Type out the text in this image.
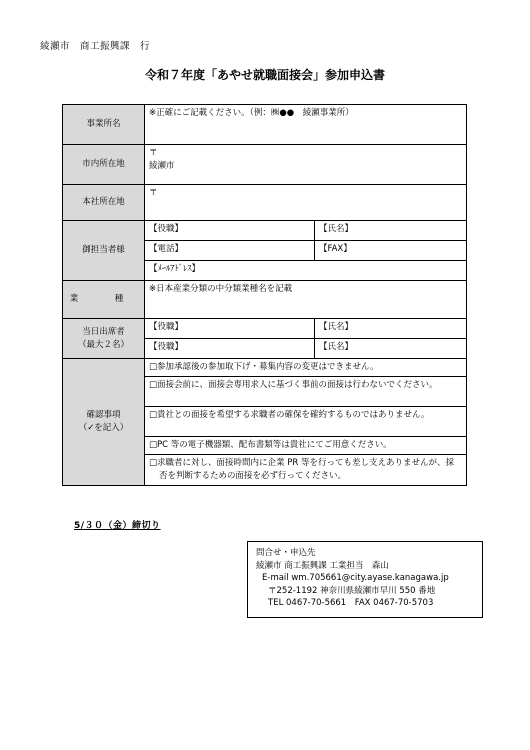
綾瀬市　商工振興課　行
令和７年度「あやせ就職面接会」参加申込書
事業所名	※正確にご記載ください。（例：㈱●●　綾瀬事業所）	
市内所在地	〒
綾瀬市	

本社所在地	〒	
御担当者様	【役職】	【氏名】
	【電話】	【FAX】
	【ﾒｰﾙｱﾄﾞﾚｽ】	
業　種	※日本産業分類の中分類業種名を記載	

当日出席者
（最大２名）	【役職】	【氏名】
	【役職】	【氏名】

確認事項
（✓を記入）	□参加承認後の参加取下げ・募集内容の変更はできません。	

	□面接会前に、面接会専用求人に基づく事前の面接は行わないでください。	

	□貴社との面接を希望する求職者の確保を確約するものではありません。	

	□PC 等の電子機器類、配布書類等は貴社にてご用意ください。	

	□求職者に対し、面接時間内に企業 PR 等を行っても差し支えありませんが、採否を判断するための面接を必ず行ってください。	
5/３０（金）締切り
問合せ・申込先
綾瀬市 商工振興課 工業担当　森山
E-mail wm.705661@city.ayase.kanagawa.jp
〒252-1192 神奈川県綾瀬市早川 550 番地
TEL 0467-70-5661　FAX 0467-70-5703
